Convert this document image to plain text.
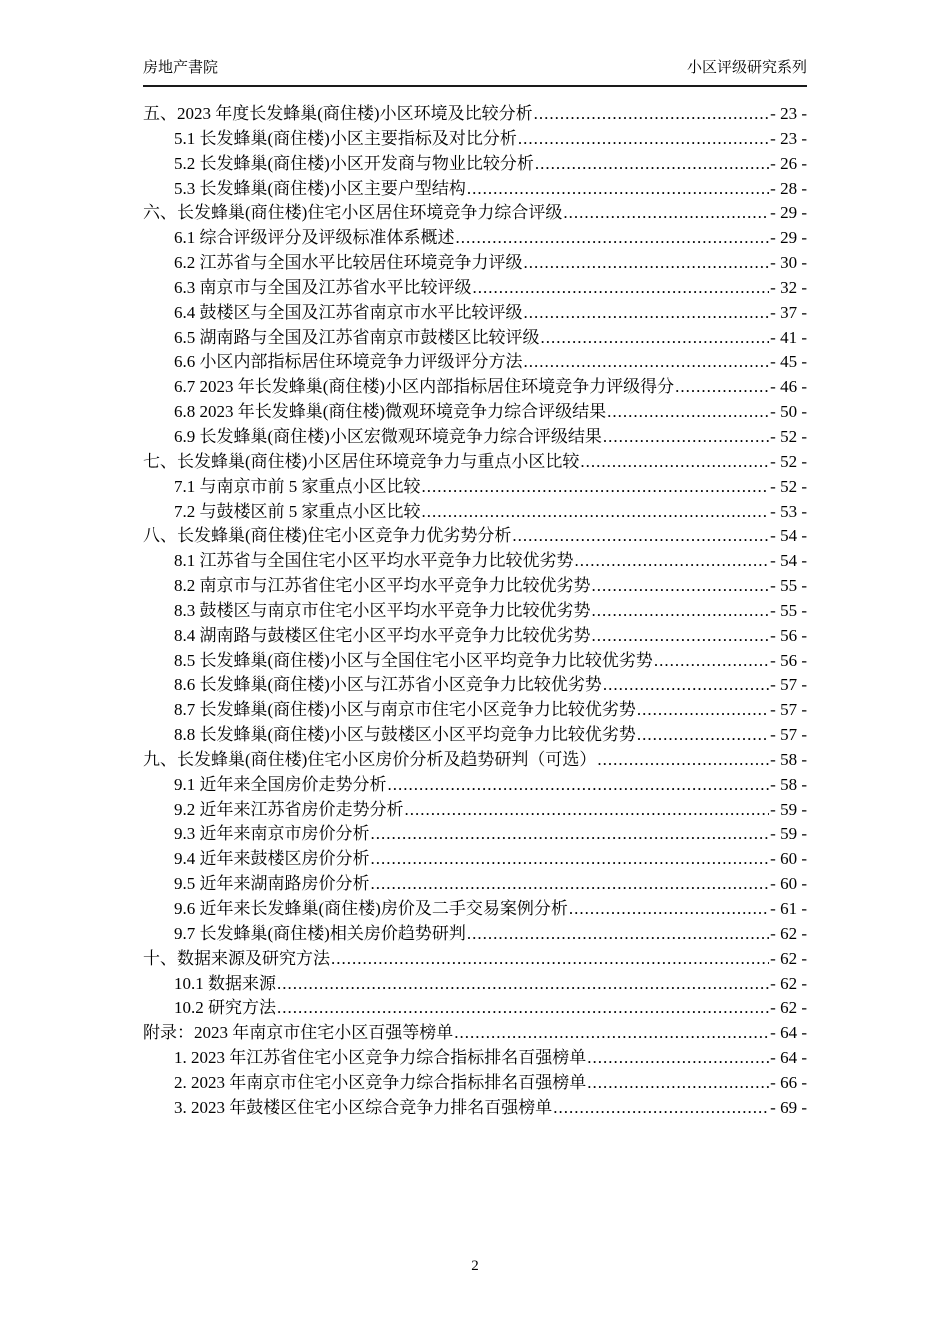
房地产書院	小区评级研究系列
五、2023 年度长发蜂巢(商住楼)小区环境及比较分析 .....	- 23 -
5.1 长发蜂巢(商住楼)小区主要指标及对比分析 .....	- 23 -
5.2 长发蜂巢(商住楼)小区开发商与物业比较分析 .....	- 26 -
5.3 长发蜂巢(商住楼)小区主要户型结构 .....	- 28 -
六、长发蜂巢(商住楼)住宅小区居住环境竞争力综合评级 .....	- 29 -
6.1 综合评级评分及评级标准体系概述 .....	- 29 -
6.2 江苏省与全国水平比较居住环境竞争力评级 .....	- 30 -
6.3 南京市与全国及江苏省水平比较评级 .....	- 32 -
6.4 鼓楼区与全国及江苏省南京市水平比较评级 .....	- 37 -
6.5 湖南路与全国及江苏省南京市鼓楼区比较评级 .....	- 41 -
6.6 小区内部指标居住环境竞争力评级评分方法 .....	- 45 -
6.7 2023 年长发蜂巢(商住楼)小区内部指标居住环境竞争力评级得分 .....	- 46 -
6.8 2023 年长发蜂巢(商住楼)微观环境竞争力综合评级结果 .....	- 50 -
6.9 长发蜂巢(商住楼)小区宏微观环境竞争力综合评级结果 .....	- 52 -
七、长发蜂巢(商住楼)小区居住环境竞争力与重点小区比较 .....	- 52 -
7.1 与南京市前 5 家重点小区比较 .....	- 52 -
7.2 与鼓楼区前 5 家重点小区比较 .....	- 53 -
八、长发蜂巢(商住楼)住宅小区竞争力优劣势分析 .....	- 54 -
8.1 江苏省与全国住宅小区平均水平竞争力比较优劣势 .....	- 54 -
8.2 南京市与江苏省住宅小区平均水平竞争力比较优劣势 .....	- 55 -
8.3 鼓楼区与南京市住宅小区平均水平竞争力比较优劣势 .....	- 55 -
8.4 湖南路与鼓楼区住宅小区平均水平竞争力比较优劣势 .....	- 56 -
8.5 长发蜂巢(商住楼)小区与全国住宅小区平均竞争力比较优劣势 .....	- 56 -
8.6 长发蜂巢(商住楼)小区与江苏省小区竞争力比较优劣势 .....	- 57 -
8.7 长发蜂巢(商住楼)小区与南京市住宅小区竞争力比较优劣势 .....	- 57 -
8.8 长发蜂巢(商住楼)小区与鼓楼区小区平均竞争力比较优劣势 .....	- 57 -
九、长发蜂巢(商住楼)住宅小区房价分析及趋势研判（可选） .....	- 58 -
9.1 近年来全国房价走势分析 .....	- 58 -
9.2 近年来江苏省房价走势分析 .....	- 59 -
9.3 近年来南京市房价分析 .....	- 59 -
9.4 近年来鼓楼区房价分析 .....	- 60 -
9.5 近年来湖南路房价分析 .....	- 60 -
9.6 近年来长发蜂巢(商住楼)房价及二手交易案例分析 .....	- 61 -
9.7 长发蜂巢(商住楼)相关房价趋势研判 .....	- 62 -
十、数据来源及研究方法 .....	- 62 -
10.1 数据来源 .....	- 62 -
10.2 研究方法 .....	- 62 -
附录：2023 年南京市住宅小区百强等榜单 .....	- 64 -
1. 2023 年江苏省住宅小区竞争力综合指标排名百强榜单 .....	- 64 -
2. 2023 年南京市住宅小区竞争力综合指标排名百强榜单 .....	- 66 -
3. 2023 年鼓楼区住宅小区综合竞争力排名百强榜单 .....	- 69 -
2
